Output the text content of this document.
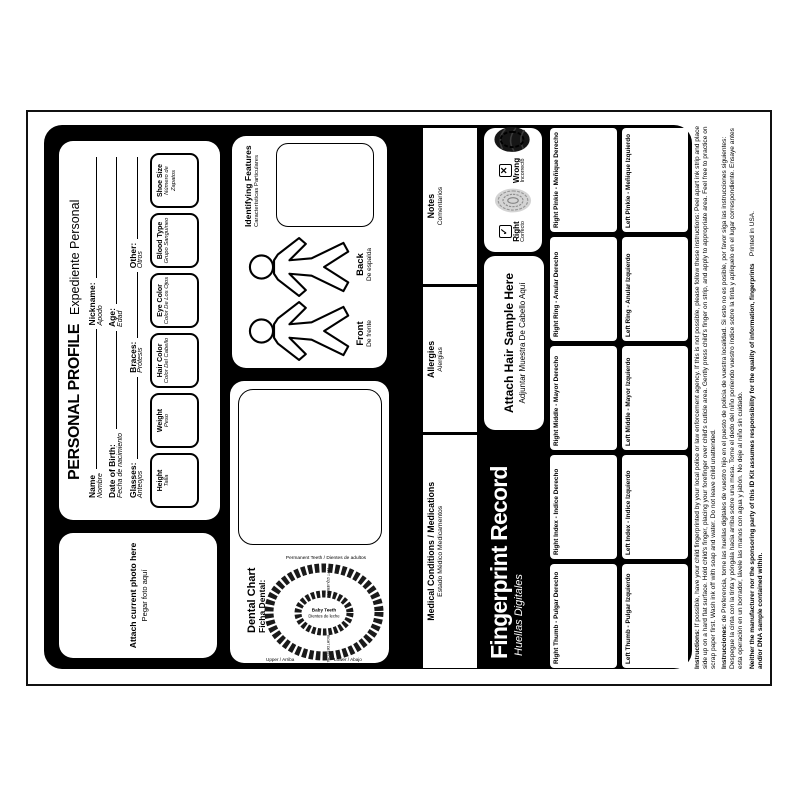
Attach current photo here Pegar foto aquí
PERSONAL PROFILEExpediente Personal
Name Nombre
Nickname: Apodo
Date of Birth: Fecha de nacimiento
Age: Edad
Glasses: Anteojos
Braces: Prótesis
Other: Otros
Height Talla
Weight Peso
Hair Color Color Del Cabello
Eye Color Color De Los Ojos
Blood Type Grupo Sanguíneo
Shoe Size Número de Zapatos
Dental Chart Ficha Dental:
Permanent Teeth / Dientes de adultos
Baby Teeth
Dientes de leche
Upper / Arriba	Lower / Abajo
LEFT IZQUIERDA
RIGHT DERECHA
Front De frente
Back De espalda
Identifying Features Características Particulares
Medical Conditions / Medications Estado Médico Medicamentos
Allergies Alergias
Notes Comentarios
Fingerprint Record Huellas Digitales
Attach Hair Sample Here Adjuntar Muestra De Cabello Aquí
✓ Right Correcto
✕ Wrong Incorrecto
Right Thumb - Pulgar Derecho
Right Index - Indice Derecho
Right Middle - Mayor Derecho
Right Ring - Anular Derecho
Right Pinkie - Meñique Derecho
Left Thumb - Pulgar Izquierdo
Left Index - Indice Izquierdo
Left Middle - Mayor Izquierdo
Left Ring - Anular Izquierdo
Left Pinkie - Meñique Izquierdo

Instructions: If possible, have your child fingerprinted by your local police or law enforcement agency. If this is not possible, please follow these instructions: Peel apart ink strip and place side up on a hard flat surface. Hold child's finger, placing your forefinger over child's cuticle area. Gently press child's finger on strip, and apply to appropriate area. Feel free to practice on scrap paper first. Wash ink off with soap and water. Do not leave child unattended. Instrucciones: de Preferencia, tome las huellas digitales de vuestro hijo en el puesto de policía de vuestra localidad. Si esto no es posible, por favor siga las instrucciones siguientes: Despegue la cinta con la tinta y póngala hacia arriba sobre una mesa. Tome el dedo del niño poniendo vuestro índice sobre la tinta y aplíquelo en el lugar correspondiente. Ensaye antes esta operación en un borrador, lávele las manos con agua y jabón. No deje al niño sin cuidado. Neither the manufacturer nor the sponsoring party of this ID Kit assumes responsibility for the quality of information, fingerprints and/or DNA sample contained within.
Printed in USA.
